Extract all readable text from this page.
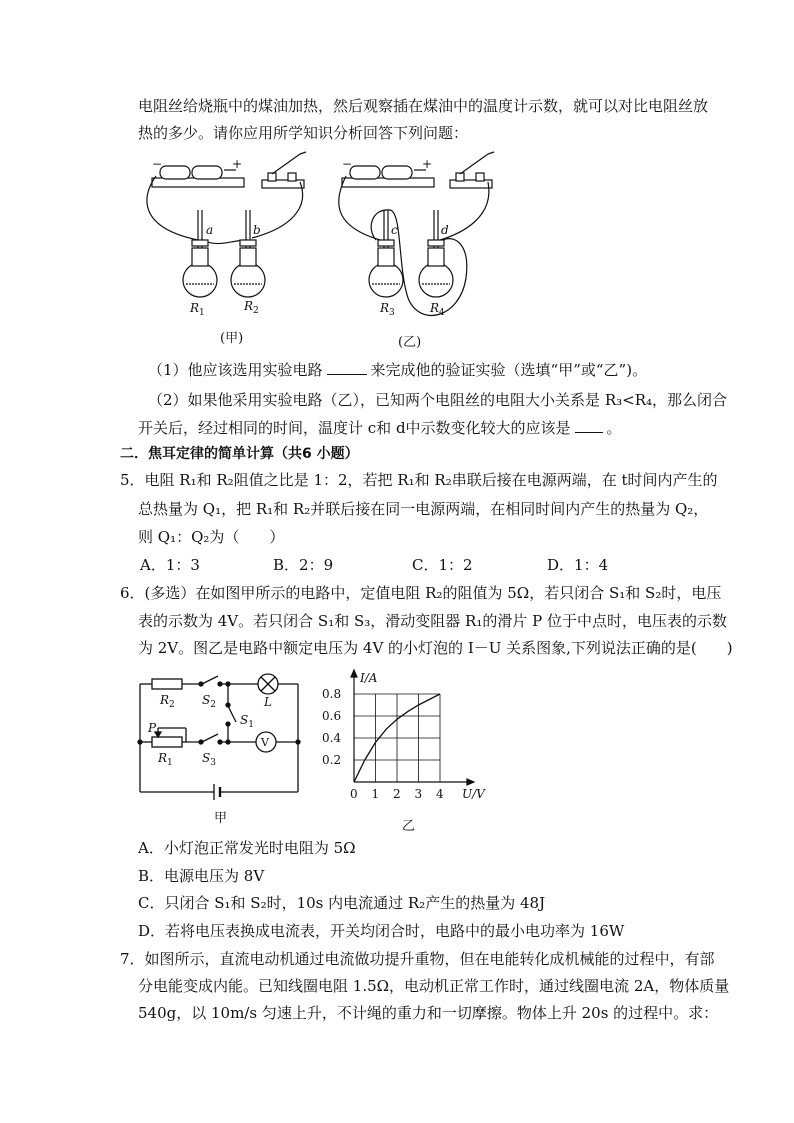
电阻丝给烧瓶中的煤油加热，然后观察插在煤油中的温度计示数，就可以对比电阻丝放
热的多少。请你应用所学知识分析回答下列问题：
−	+	−	+
a	b	c	d
$R_1$	$R_2$	$R_3$	$R_4$
(甲)	(乙)
（1）他应该选用实验电路	来完成他的验证实验（选填“甲”或“乙”)。
（2）如果他采用实验电路（乙），已知两个电阻丝的电阻大小关系是 R₃<R₄，那么闭合
开关后，经过相同的时间，温度计 c和 d中示数变化较大的应该是 。
二．焦耳定律的简单计算（共6 小题）
5．电阻 R₁和 R₂阻值之比是 1：2，若把 R₁和 R₂串联后接在电源两端，在 t时间内产生的
总热量为 Q₁，把 R₁和 R₂并联后接在同一电源两端，在相同时间内产生的热量为 Q₂，
则 Q₁：Q₂为（　　）
A．1：3	B．2：9	C．1：2	D．1：4
6．(多选）在如图甲所示的电路中，定值电阻 R₂的阻值为 5Ω，若只闭合 S₁和 S₂时，电压
表的示数为 4V。若只闭合 S₁和 S₃，滑动变阻器 R₁的滑片 P 位于中点时，电压表的示数
为 2V。图乙是电路中额定电压为 4V 的小灯泡的 I－U 关系图象,下列说法正确的是(　　)
$R_2$ $S_2$	L
$S_1$
P
$R_1$ $S_3$
V
甲
0 1 2 3 4
0.2
0.4
0.6
0.8
U/V
I/A
乙
A．小灯泡正常发光时电阻为 5Ω
B．电源电压为 8V
C．只闭合 S₁和 S₂时，10s 内电流通过 R₂产生的热量为 48J
D．若将电压表换成电流表，开关均闭合时，电路中的最小电功率为 16W
7．如图所示，直流电动机通过电流做功提升重物，但在电能转化成机械能的过程中，有部
分电能变成内能。已知线圈电阻 1.5Ω，电动机正常工作时，通过线圈电流 2A，物体质量
540g，以 10m/s 匀速上升，不计绳的重力和一切摩擦。物体上升 20s 的过程中。求：
